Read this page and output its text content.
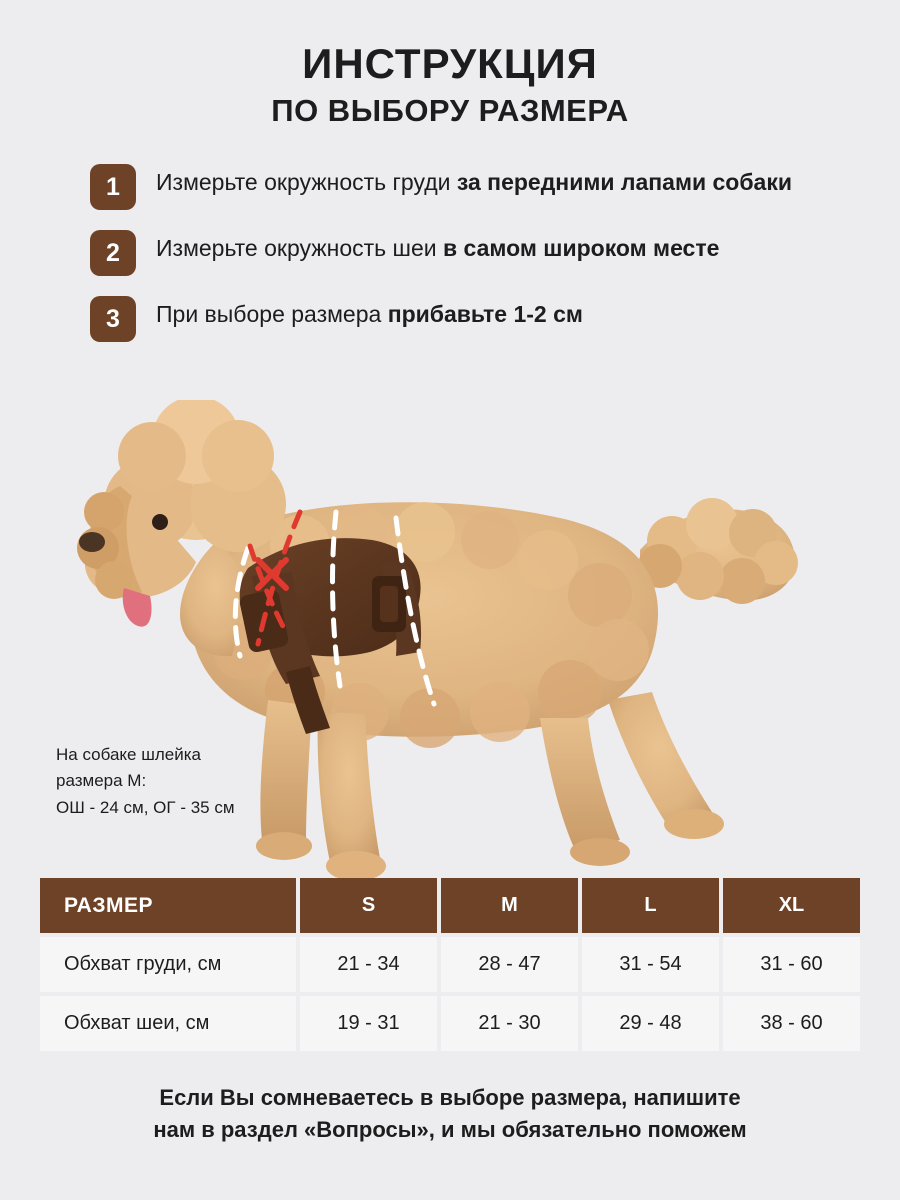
ИНСТРУКЦИЯ
ПО ВЫБОРУ РАЗМЕРА
1	Измерьте окружность груди за передними лапами собаки
2	Измерьте окружность шеи в самом широком месте
3	При выборе размера прибавьте 1-2 см
На собаке шлейка
размера М:
ОШ - 24 см, ОГ - 35 см
РАЗМЕР	S	M	L	XL
Обхват груди, см	21 - 34	28 - 47	31 - 54	31 - 60
Обхват шеи, см	19 - 31	21 - 30	29 - 48	38 - 60
Если Вы сомневаетесь в выборе размера, напишите
нам в раздел «Вопросы», и мы обязательно поможем
